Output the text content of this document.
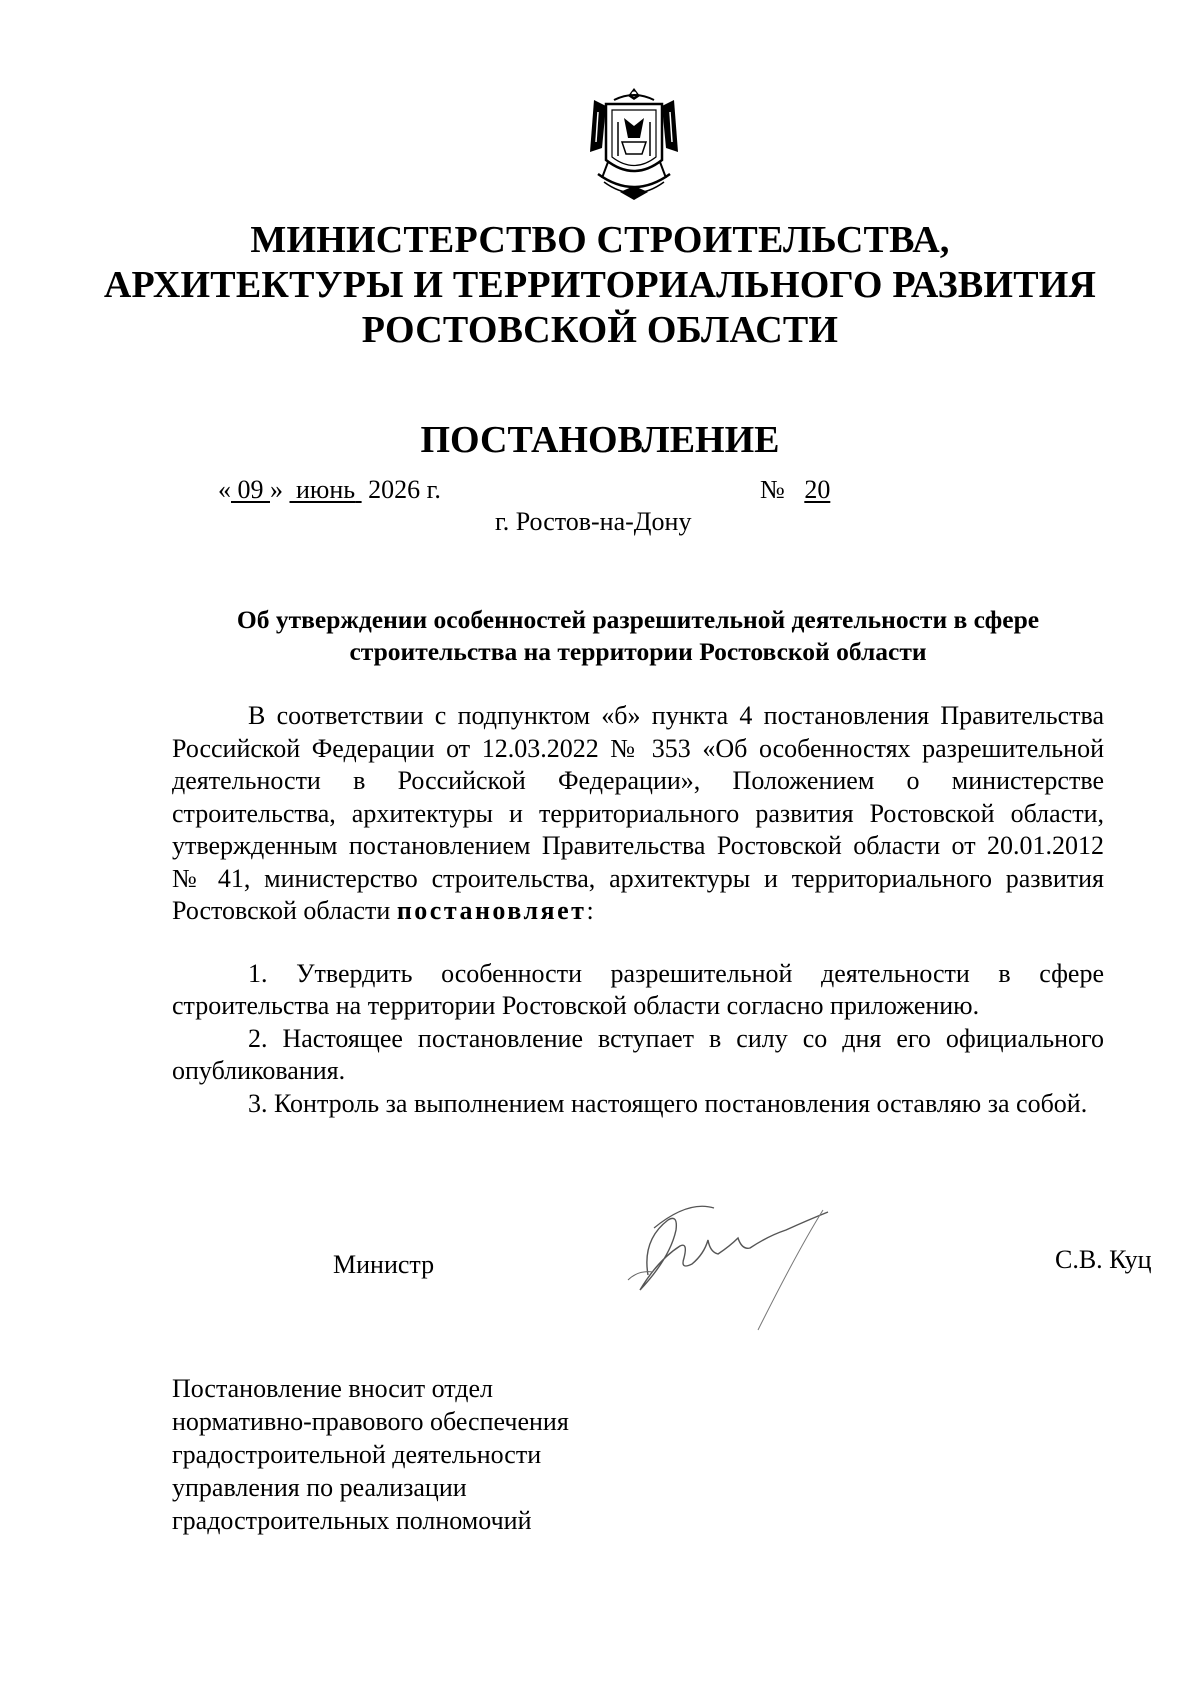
МИНИСТЕРСТВО СТРОИТЕЛЬСТВА,
АРХИТЕКТУРЫ И ТЕРРИТОРИАЛЬНОГО РАЗВИТИЯ
РОСТОВСКОЙ ОБЛАСТИ
ПОСТАНОВЛЕНИЕ
« 09 » июнь 2026 г.	№ 20
г. Ростов-на-Дону
Об утверждении особенностей разрешительной деятельности в сфере
строительства на территории Ростовской области

В соответствии с подпунктом «б» пункта 4 постановления Правительства Российской Федерации от 12.03.2022 № 353 «Об особенностях разрешительной деятельности в Российской Федерации», Положением о министерстве строительства, архитектуры и территориального развития Ростовской области, утвержденным постановлением Правительства Ростовской области от 20.01.2012 № 41, министерство строительства, архитектуры и территориального развития Ростовской области постановляет:

1. Утвердить особенности разрешительной деятельности в сфере строительства на территории Ростовской области согласно приложению.

2. Настоящее постановление вступает в силу со дня его официального опубликования.

3. Контроль за выполнением настоящего постановления оставляю за собой.

Министр	С.В. Куц
Постановление вносит отдел
нормативно-правового обеспечения
градостроительной деятельности
управления по реализации
градостроительных полномочий
